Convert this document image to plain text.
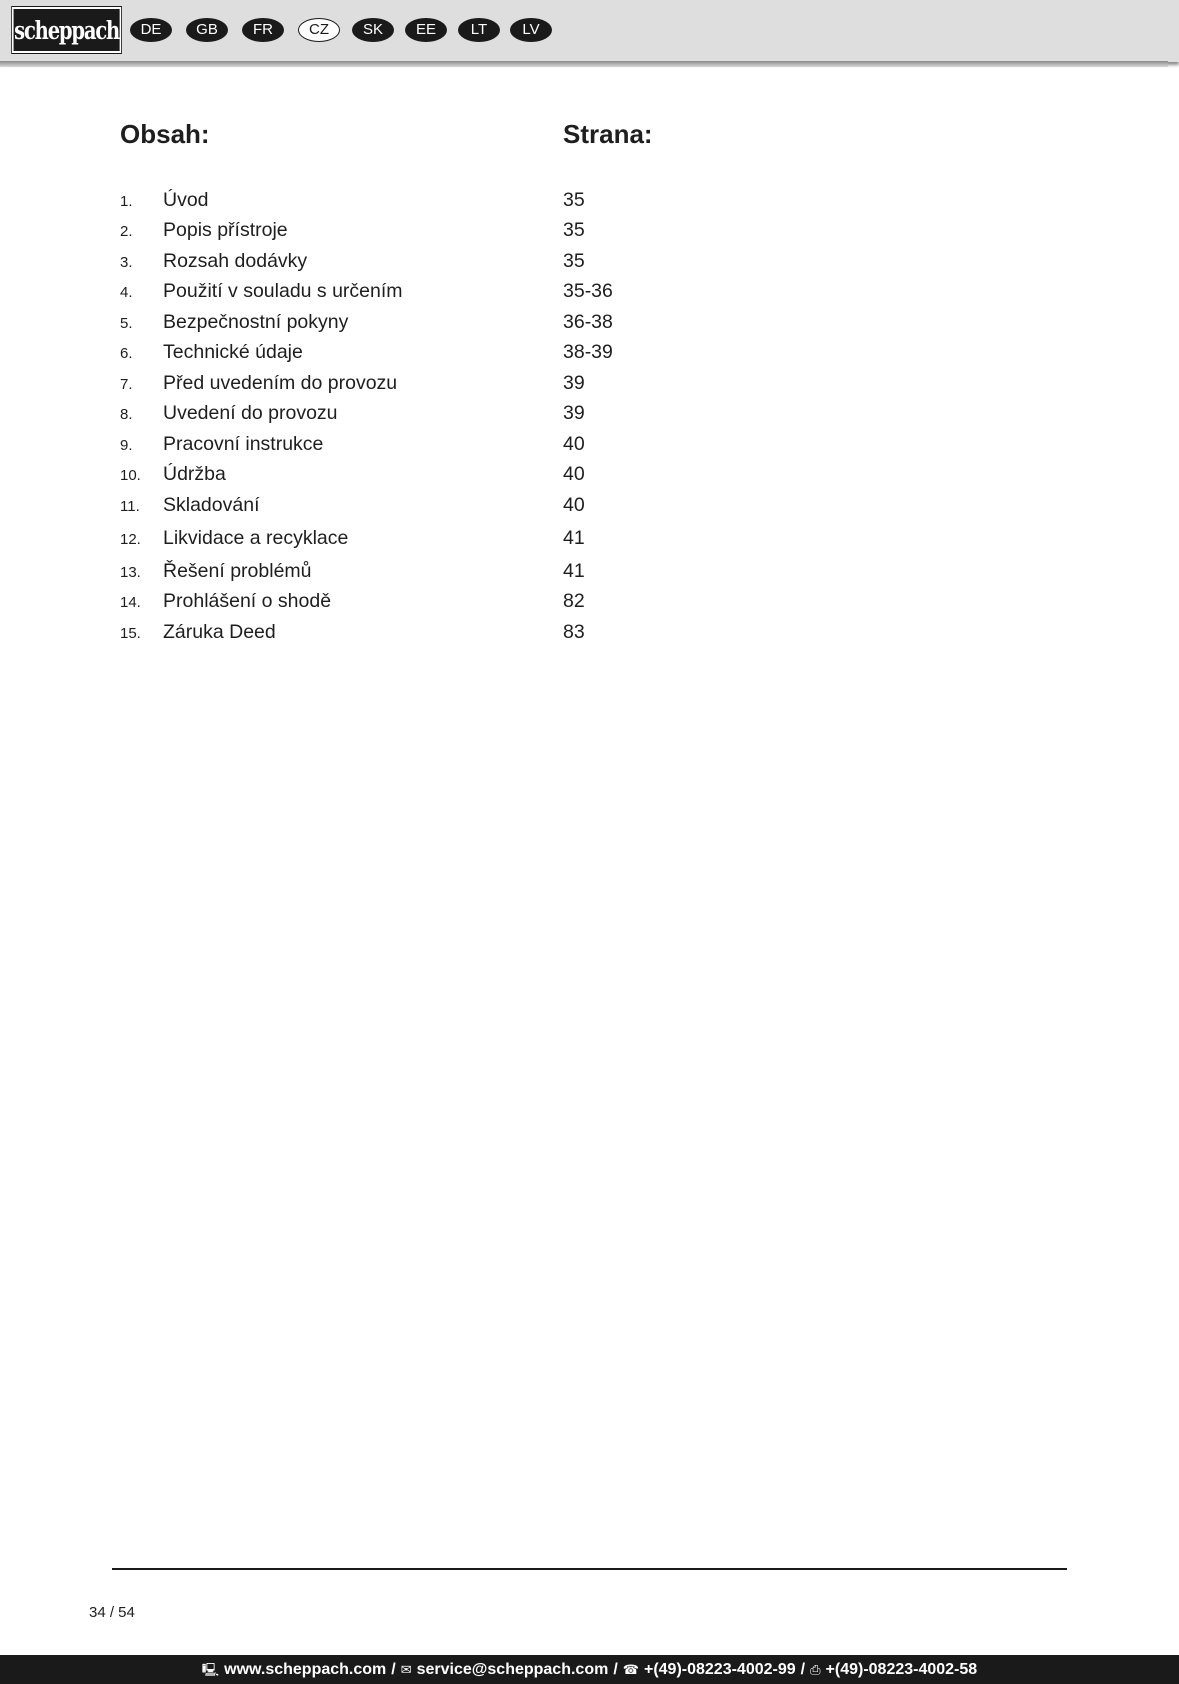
scheppach	DE	GB	FR	CZ	SK	EE	LT	LV
Obsah:	Strana:
1. Úvod	35
2. Popis přístroje	35
3. Rozsah dodávky	35
4. Použití v souladu s určením	35-36
5. Bezpečnostní pokyny	36-38
6. Technické údaje	38-39
7. Před uvedením do provozu	39
8. Uvedení do provozu	39
9. Pracovní instrukce	40
10. Údržba	40
11. Skladování	40
12. Likvidace a recyklace	41
13. Řešení problémů	41
14. Prohlášení o shodě	82
15. Záruka Deed	83
34 / 54
🖳︎ www.scheppach.com / ✉︎ service@scheppach.com / ☎︎ +(49)-08223-4002-99 / ⎙ +(49)-08223-4002-58
